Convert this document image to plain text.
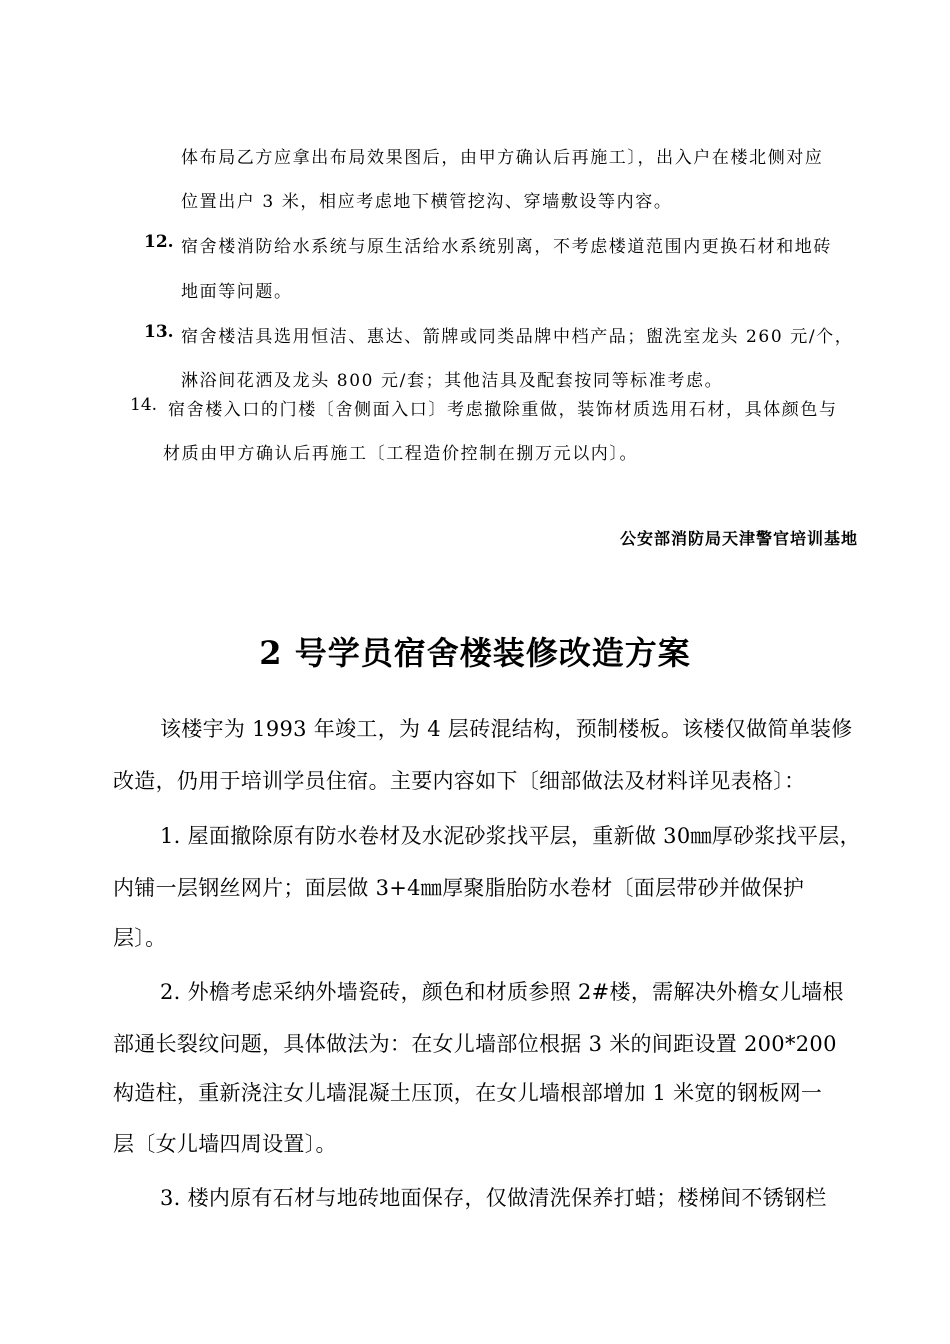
体布局乙方应拿出布局效果图后，由甲方确认后再施工〕，出入户在楼北侧对应
位置出户 3 米，相应考虑地下横管挖沟、穿墙敷设等内容。
12. 宿舍楼消防给水系统与原生活给水系统别离，不考虑楼道范围内更换石材和地砖
地面等问题。
13. 宿舍楼洁具选用恒洁、惠达、箭牌或同类品牌中档产品；盥洗室龙头 260 元/个，
淋浴间花洒及龙头 800 元/套；其他洁具及配套按同等标准考虑。
14. 宿舍楼入口的门楼〔舍侧面入口〕考虑撤除重做，装饰材质选用石材，具体颜色与
材质由甲方确认后再施工〔工程造价控制在捌万元以内〕。
公安部消防局天津警官培训基地
2 号学员宿舍楼装修改造方案
该楼宇为 1993 年竣工，为 4 层砖混结构，预制楼板。该楼仅做简单装修
改造，仍用于培训学员住宿。主要内容如下〔细部做法及材料详见表格〕：
1. 屋面撤除原有防水卷材及水泥砂浆找平层，重新做 30㎜厚砂浆找平层，
内铺一层钢丝网片；面层做 3+4㎜厚聚脂胎防水卷材〔面层带砂并做保护
层〕。
2. 外檐考虑采纳外墙瓷砖，颜色和材质参照 2#楼，需解决外檐女儿墙根
部通长裂纹问题，具体做法为：在女儿墙部位根据 3 米的间距设置 200*200
构造柱，重新浇注女儿墙混凝土压顶，在女儿墙根部增加 1 米宽的钢板网一
层〔女儿墙四周设置〕。
3. 楼内原有石材与地砖地面保存，仅做清洗保养打蜡；楼梯间不锈钢栏
